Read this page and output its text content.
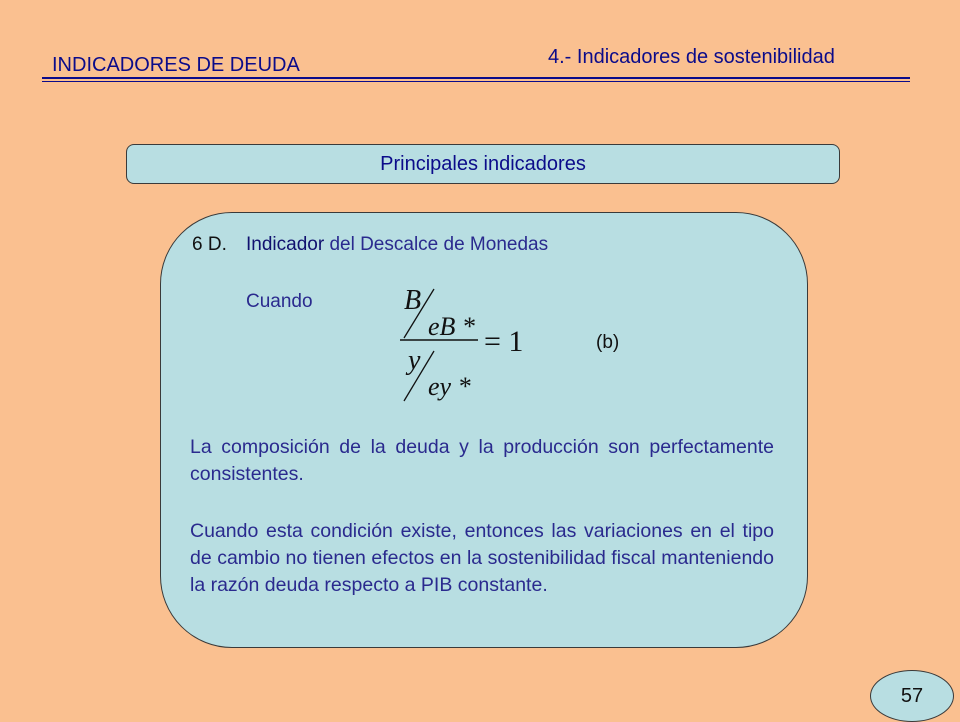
INDICADORES DE DEUDA	4.- Indicadores de sostenibilidad
Principales indicadores
6 D. Indicador del Descalce de Monedas
Cuando	B
eB *
y
ey *
= 1	(b)

La composición de la deuda y la producción son perfectamente consistentes.

Cuando esta condición existe, entonces las variaciones en el tipo de cambio no tienen efectos en la sostenibilidad fiscal manteniendo la razón deuda respecto a PIB constante.

57
